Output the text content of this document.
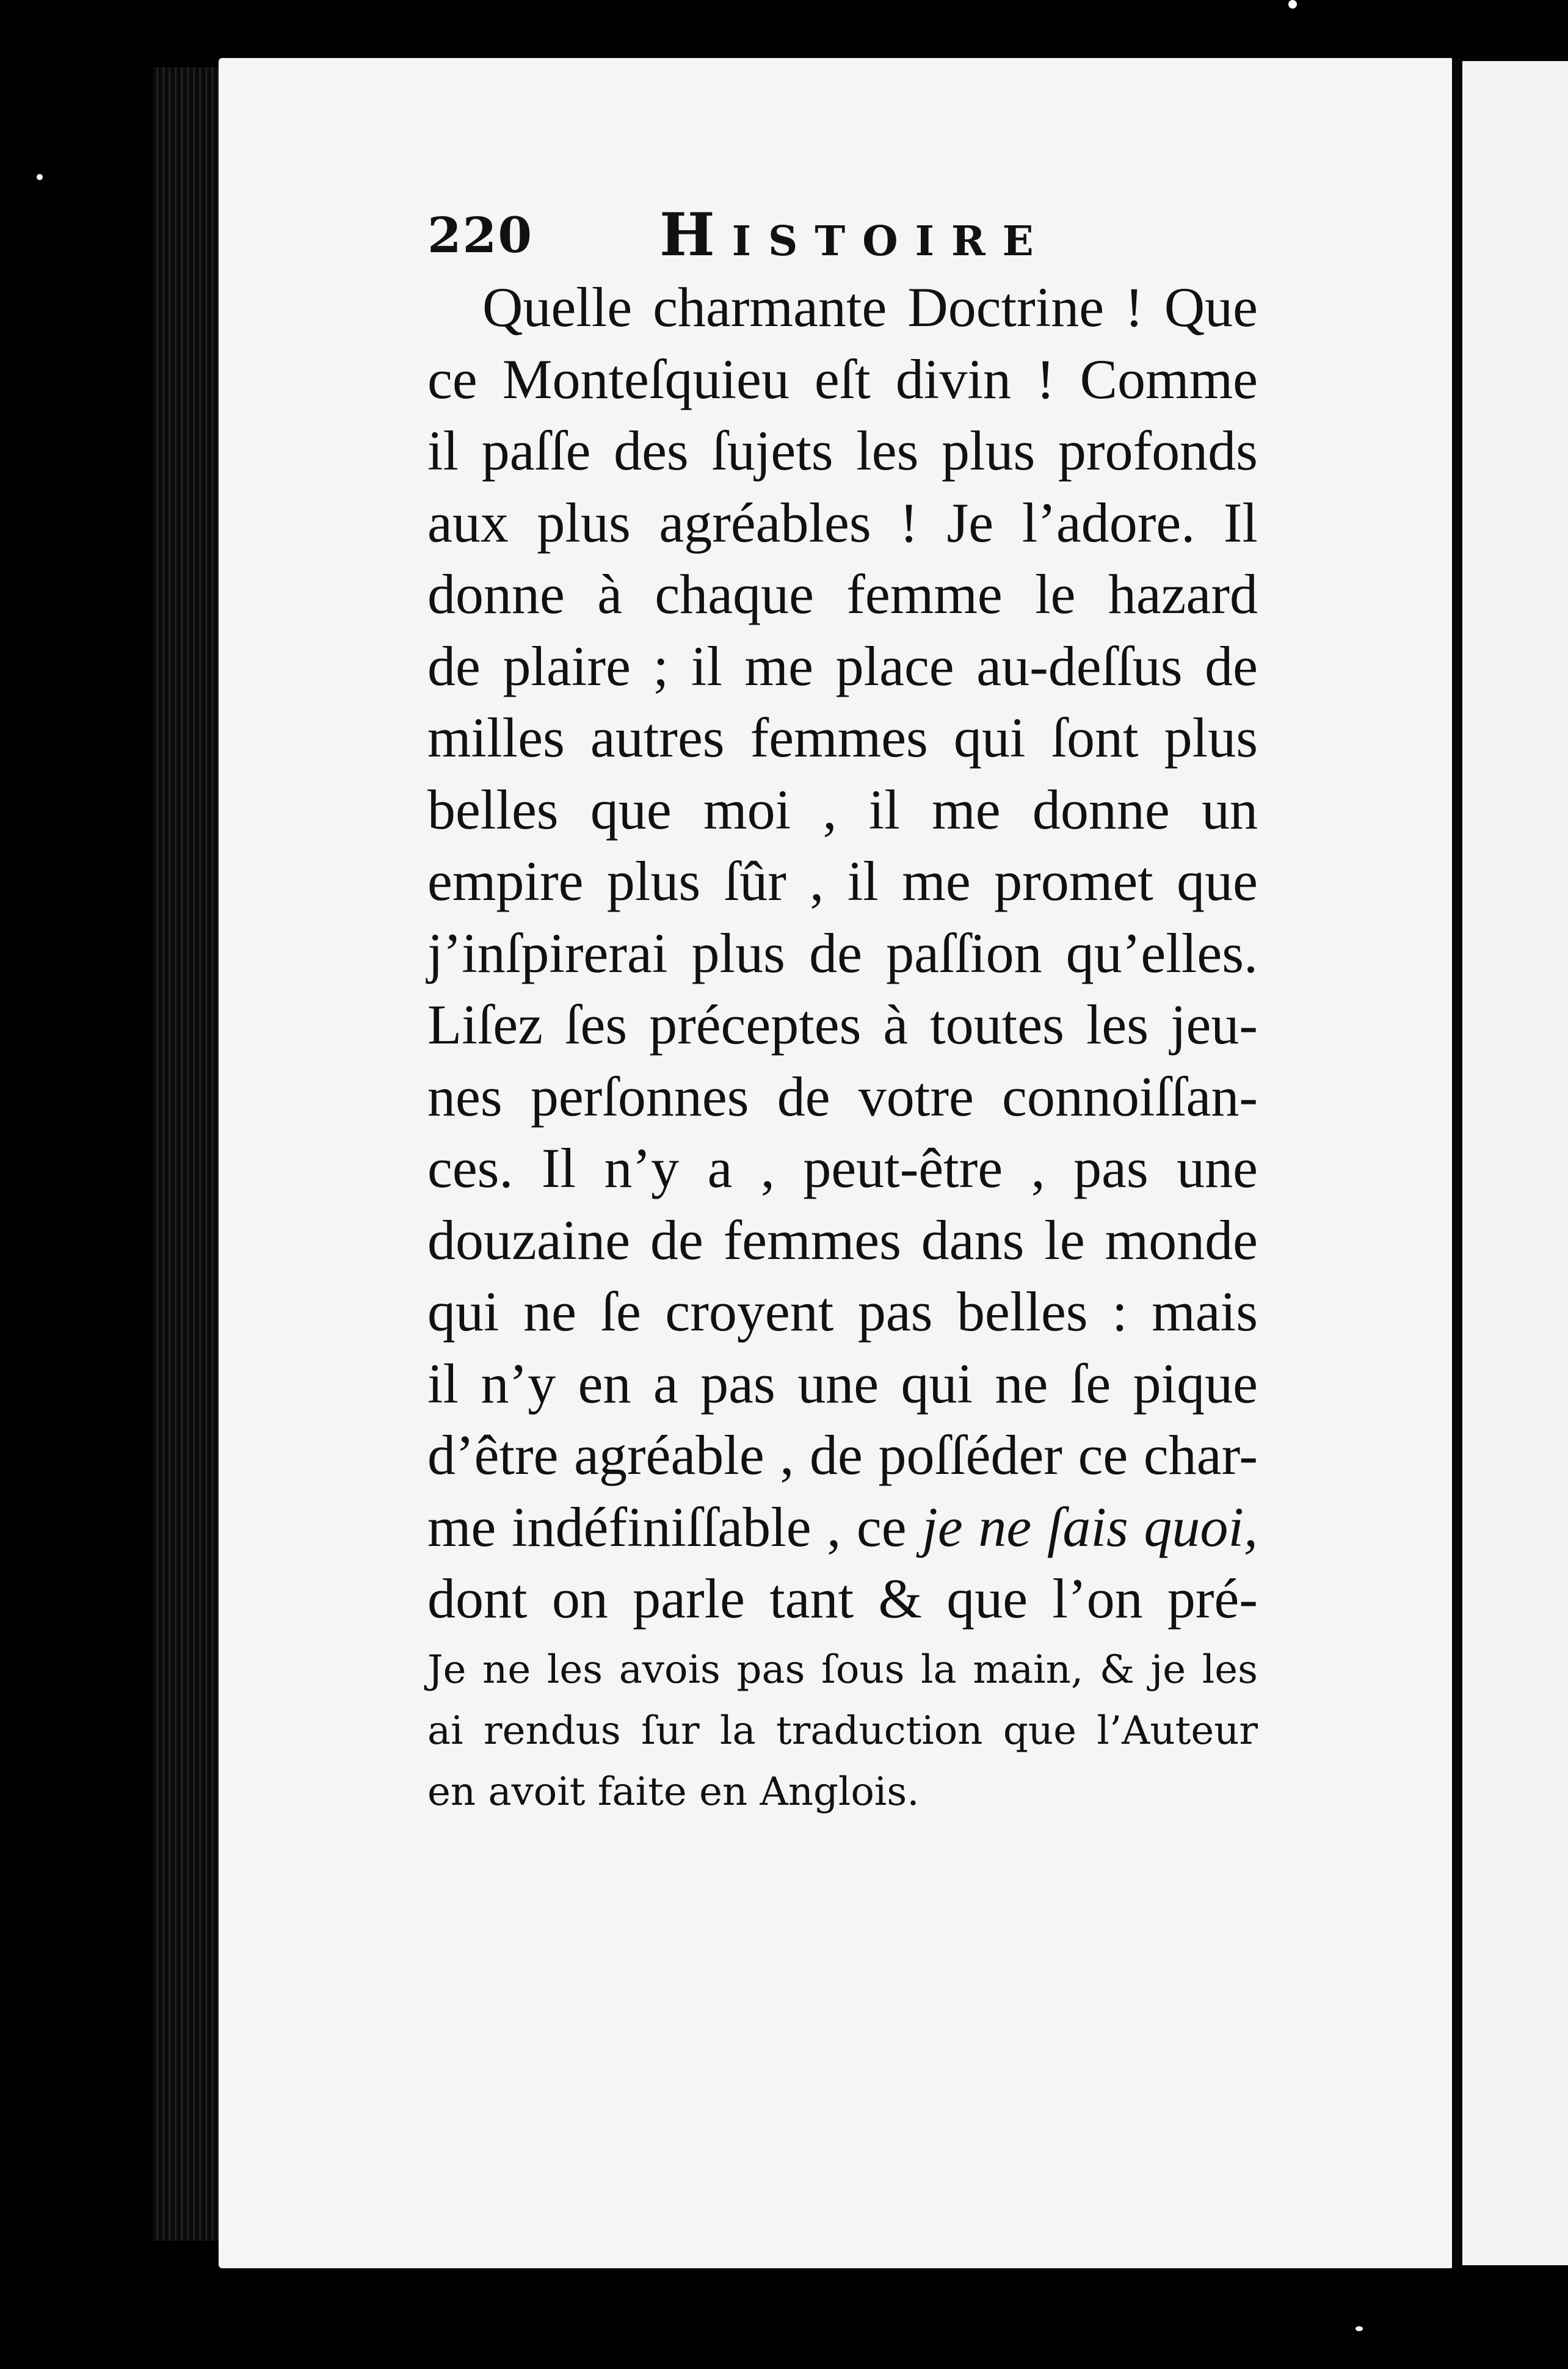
220 Histoire
Quelle charmante Doctrine ! Que
ce Monteſquieu eſt divin ! Comme
il paſſe des ſujets les plus profonds
aux plus agréables ! Je l’adore. Il
donne à chaque femme le hazard
de plaire ; il me place au-deſſus de
milles autres femmes qui ſont plus
belles que moi , il me donne un
empire plus ſûr , il me promet que
j’inſpirerai plus de paſſion qu’elles.
Liſez ſes préceptes à toutes les jeu-
nes perſonnes de votre connoiſſan-
ces. Il n’y a , peut-être , pas une
douzaine de femmes dans le monde
qui ne ſe croyent pas belles : mais
il n’y en a pas une qui ne ſe pique
d’être agréable , de poſſéder ce char-
me indéfiniſſable , ce je ne ſais quoi,
dont on parle tant & que l’on pré-
Je ne les avois pas ſous la main, & je les
ai rendus ſur la traduction que l’Auteur
en avoit faite en Anglois.
